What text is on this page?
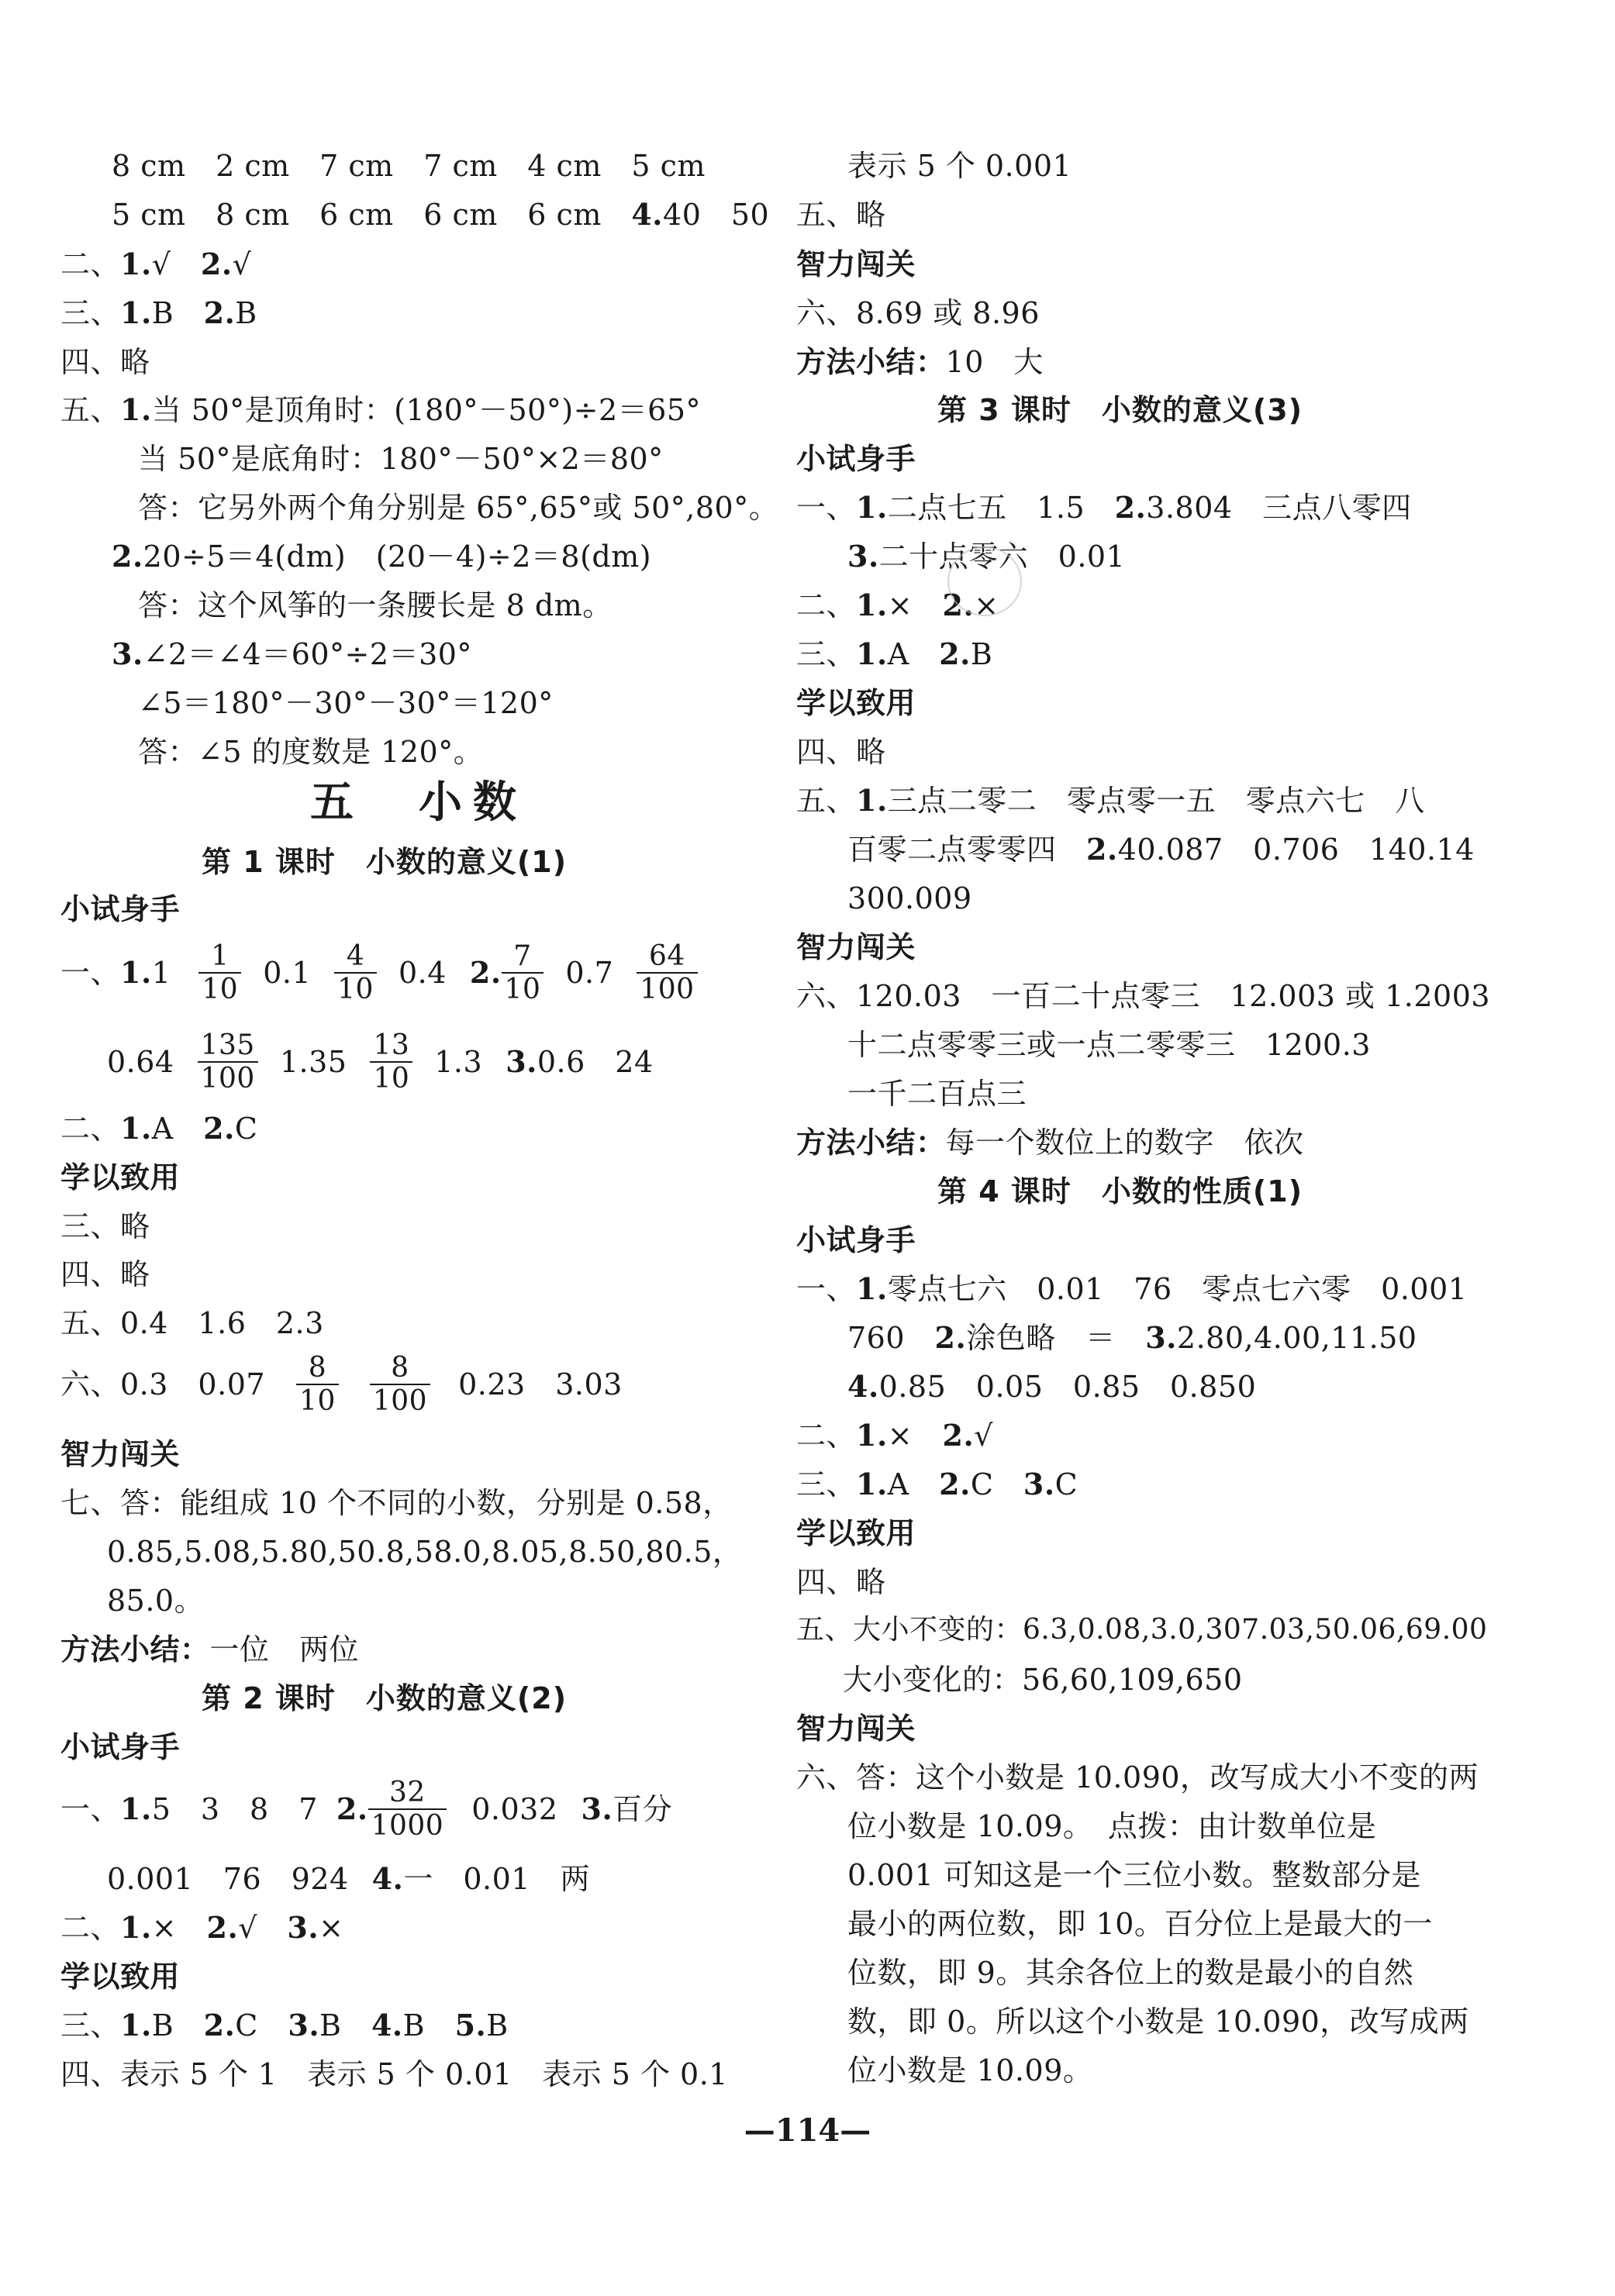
8 cm　2 cm　7 cm　7 cm　4 cm　5 cm
5 cm　8 cm　6 cm　6 cm　6 cm　4.40　50
二、1.√　2.√
三、1.B　2.B
四、略
五、1.当 50°是顶角时：(180°－50°)÷2＝65°
当 50°是底角时：180°－50°×2＝80°
答：它另外两个角分别是 65°,65°或 50°,80°。
2.20÷5＝4(dm)　(20－4)÷2＝8(dm)
答：这个风筝的一条腰长是 8 dm。
3.∠2＝∠4＝60°÷2＝30°
∠5＝180°－30°－30°＝120°
答：∠5 的度数是 120°。
五　小数
第 1 课时　小数的意义(1)
小试身手
一、 1. $1 \frac{1}{10} 0.1 \frac{4}{10} 0.4$ 2. $\frac{7}{10} 0.7 \frac{64}{100}$
$0.64 \frac{135}{100} 1.35 \frac{13}{10} 1.3$ 3. 0.6　24
二、1.A　2.C
学以致用
三、略
四、略
五、0.4　1.6　2.3
六、0.3　$0.07 \frac{8}{10} \frac{8}{100} 0.23$　3.03
智力闯关
七、答：能组成 10 个不同的小数，分别是 0.58，
0.85,5.08,5.80,50.8,58.0,8.05,8.50,80.5，
85.0。
方法小结：一位　两位
第 2 课时　小数的意义(2)
小试身手
一、 1. 5　3　8　7 2. $\frac{32}{1000} 0.032$ 3. 百分
0.001　76　924 4.一　0.01　两
二、1.×　2.√　3.×
学以致用
三、1.B　2.C　3.B　4.B　5.B
四、表示 5 个 1　表示 5 个 0.01　表示 5 个 0.1
表示 5 个 0.001
五、略
智力闯关
六、8.69 或 8.96
方法小结：10　大
第 3 课时　小数的意义(3)
小试身手
一、1.二点七五　1.5　2.3.804　三点八零四
3.二十点零六　0.01
二、1.×　2.×
三、1.A　2.B
学以致用
四、略
五、1.三点二零二　零点零一五　零点六七　八
百零二点零零四　2.40.087　0.706　140.14
300.009
智力闯关
六、120.03　一百二十点零三　12.003 或 1.2003
十二点零零三或一点二零零三　1200.3
一千二百点三
方法小结：每一个数位上的数字　依次
第 4 课时　小数的性质(1)
小试身手
一、1.零点七六　0.01　76　零点七六零　0.001
760　2.涂色略　＝　3.2.80,4.00,11.50
4.0.85　0.05　0.85　0.850
二、1.×　2.√
三、1.A　2.C　3.C
学以致用
四、略
五、大小不变的：6.3,0.08,3.0,307.03,50.06,69.00
大小变化的：56,60,109,650
智力闯关
六、答：这个小数是 10.090，改写成大小不变的两
位小数是 10.09。　点拨：由计数单位是
0.001 可知这是一个三位小数。整数部分是
最小的两位数，即 10。百分位上是最大的一
位数，即 9。其余各位上的数是最小的自然
数，即 0。所以这个小数是 10.090，改写成两
位小数是 10.09。
—114—
